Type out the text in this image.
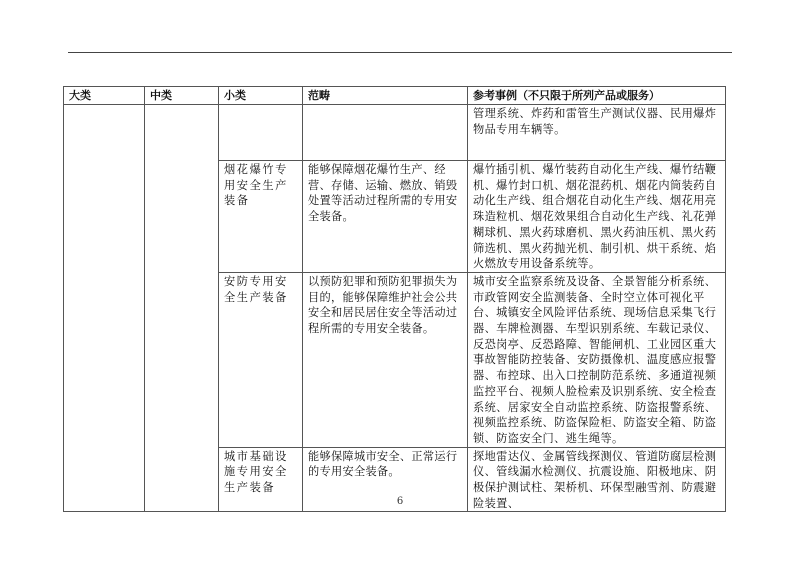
大类	中类	小类	范畴	参考事例（不只限于所列产品或服务）
				管理系统、炸药和雷管生产测试仪器、民用爆炸物品专用车辆等。
		烟花爆竹专用安全生产装备	能够保障烟花爆竹生产、经营、存储、运输、燃放、销毁处置等活动过程所需的专用安全装备。	爆竹插引机、爆竹装药自动化生产线、爆竹结鞭机、爆竹封口机、烟花混药机、烟花内筒装药自动化生产线、组合烟花自动化生产线、烟花用亮珠造粒机、烟花效果组合自动化生产线、礼花弹糊球机、黑火药球磨机、黑火药油压机、黑火药筛选机、黑火药抛光机、制引机、烘干系统、焰火燃放专用设备系统等。
		安防专用安全生产装备	以预防犯罪和预防犯罪损失为目的，能够保障维护社会公共安全和居民居住安全等活动过程所需的专用安全装备。	城市安全监察系统及设备、全景智能分析系统、市政管网安全监测装备、全时空立体可视化平台、城镇安全风险评估系统、现场信息采集飞行器、车牌检测器、车型识别系统、车载记录仪、反恐岗亭、反恐路障、智能闸机、工业园区重大事故智能防控装备、安防摄像机、温度感应报警器、布控球、出入口控制防范系统、多通道视频监控平台、视频人脸检索及识别系统、安全检查系统、居家安全自动监控系统、防盗报警系统、视频监控系统、防盗保险柜、防盗安全箱、防盗锁、防盗安全门、逃生绳等。
		城市基础设施专用安全生产装备	能够保障城市安全、正常运行的专用安全装备。	探地雷达仪、金属管线探测仪、管道防腐层检测仪、管线漏水检测仪、抗震设施、阳极地床、阴极保护测试柱、架桥机、环保型融雪剂、防震避险装置、
6
